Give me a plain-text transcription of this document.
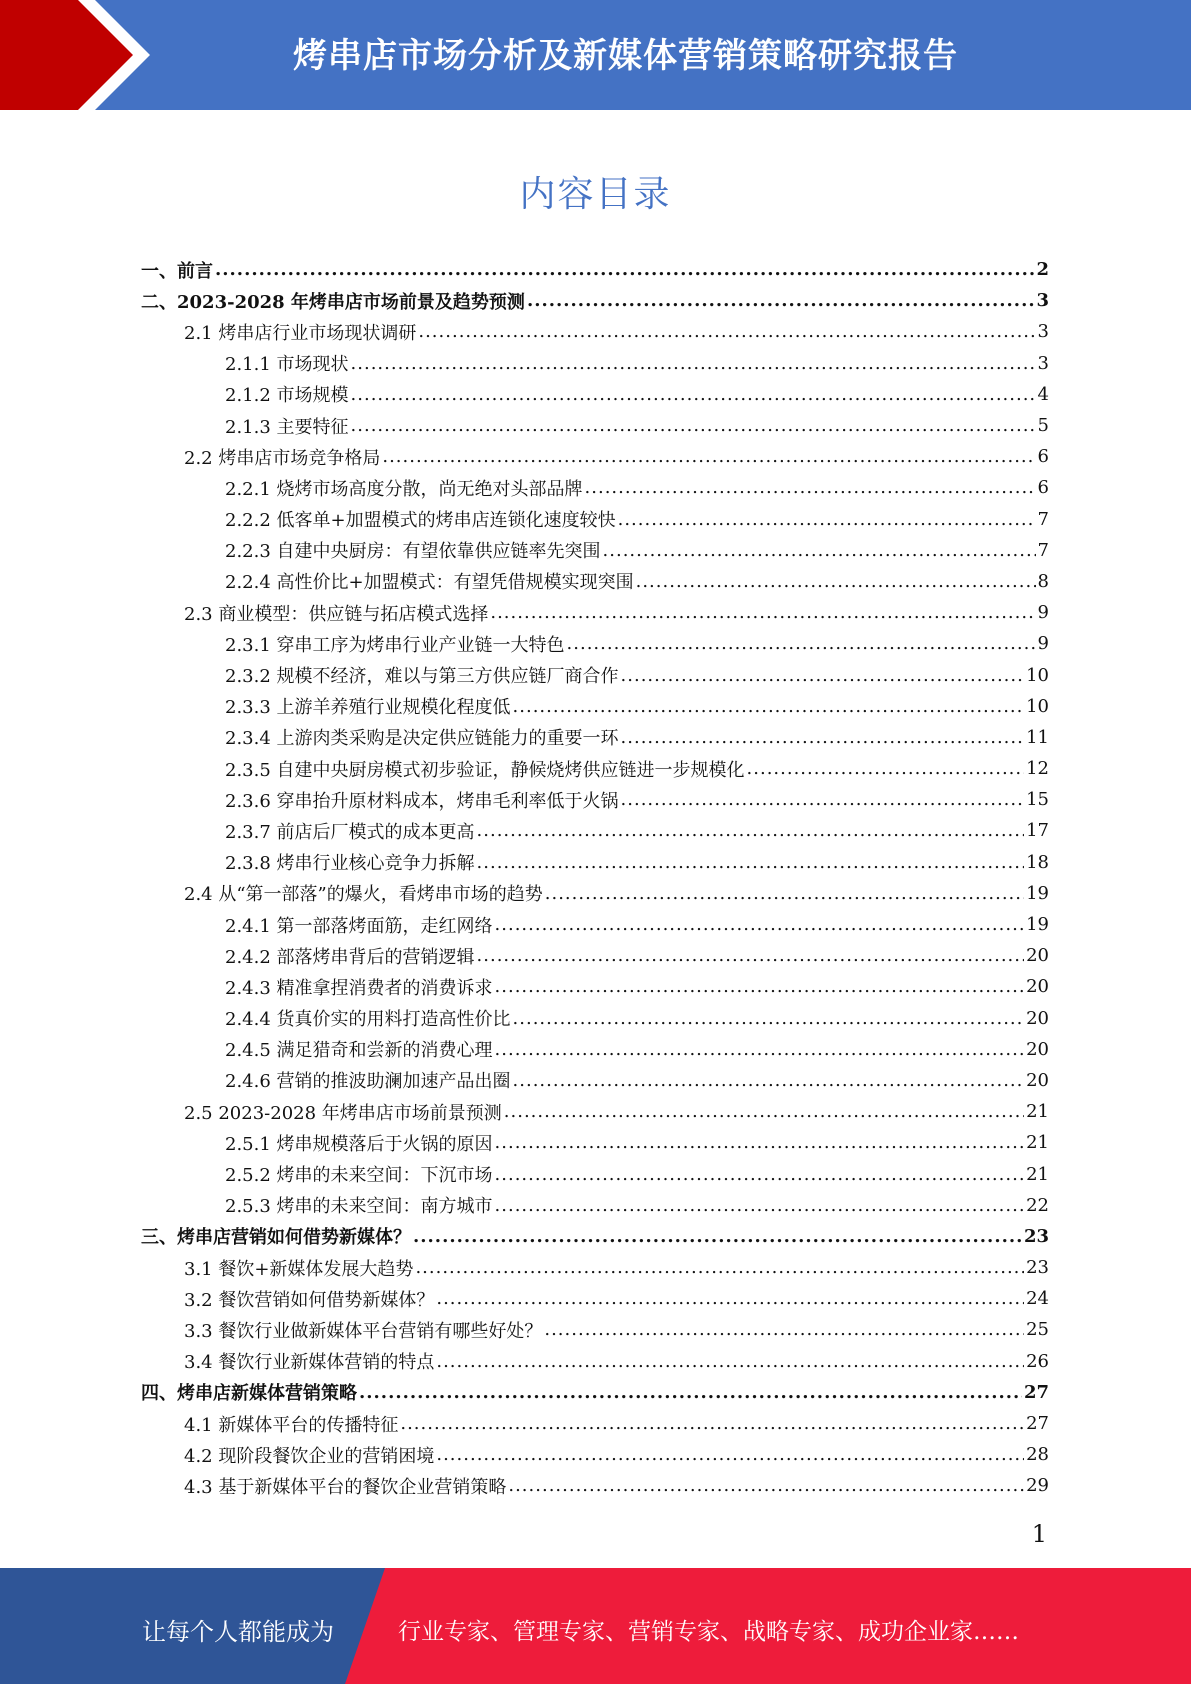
烤串店市场分析及新媒体营销策略研究报告
内容目录
一、前言 .....	2
二、2023-2028 年烤串店市场前景及趋势预测 .....	3
2.1 烤串店行业市场现状调研 .....	3
2.1.1 市场现状 .....	3
2.1.2 市场规模 .....	4
2.1.3 主要特征 .....	5
2.2 烤串店市场竞争格局 .....	6
2.2.1 烧烤市场高度分散，尚无绝对头部品牌 .....	6
2.2.2 低客单+加盟模式的烤串店连锁化速度较快 .....	7
2.2.3 自建中央厨房：有望依靠供应链率先突围 .....	7
2.2.4 高性价比+加盟模式：有望凭借规模实现突围 .....	8
2.3 商业模型：供应链与拓店模式选择 .....	9
2.3.1 穿串工序为烤串行业产业链一大特色 .....	9
2.3.2 规模不经济，难以与第三方供应链厂商合作 .....	10
2.3.3 上游羊养殖行业规模化程度低 .....	10
2.3.4 上游肉类采购是决定供应链能力的重要一环 .....	11
2.3.5 自建中央厨房模式初步验证，静候烧烤供应链进一步规模化 .....	12
2.3.6 穿串抬升原材料成本，烤串毛利率低于火锅 .....	15
2.3.7 前店后厂模式的成本更高 .....	17
2.3.8 烤串行业核心竞争力拆解 .....	18
2.4 从“第一部落”的爆火，看烤串市场的趋势 .....	19
2.4.1 第一部落烤面筋，走红网络 .....	19
2.4.2 部落烤串背后的营销逻辑 .....	20
2.4.3 精准拿捏消费者的消费诉求 .....	20
2.4.4 货真价实的用料打造高性价比 .....	20
2.4.5 满足猎奇和尝新的消费心理 .....	20
2.4.6 营销的推波助澜加速产品出圈 .....	20
2.5 2023-2028 年烤串店市场前景预测 .....	21
2.5.1 烤串规模落后于火锅的原因 .....	21
2.5.2 烤串的未来空间：下沉市场 .....	21
2.5.3 烤串的未来空间：南方城市 .....	22
三、烤串店营销如何借势新媒体？ .....	23
3.1 餐饮+新媒体发展大趋势 .....	23
3.2 餐饮营销如何借势新媒体？ .....	24
3.3 餐饮行业做新媒体平台营销有哪些好处？ .....	25
3.4 餐饮行业新媒体营销的特点 .....	26
四、烤串店新媒体营销策略 .....	27
4.1 新媒体平台的传播特征 .....	27
4.2 现阶段餐饮企业的营销困境 .....	28
4.3 基于新媒体平台的餐饮企业营销策略 .....	29
1
让每个人都能成为	行业专家、管理专家、营销专家、战略专家、成功企业家……
